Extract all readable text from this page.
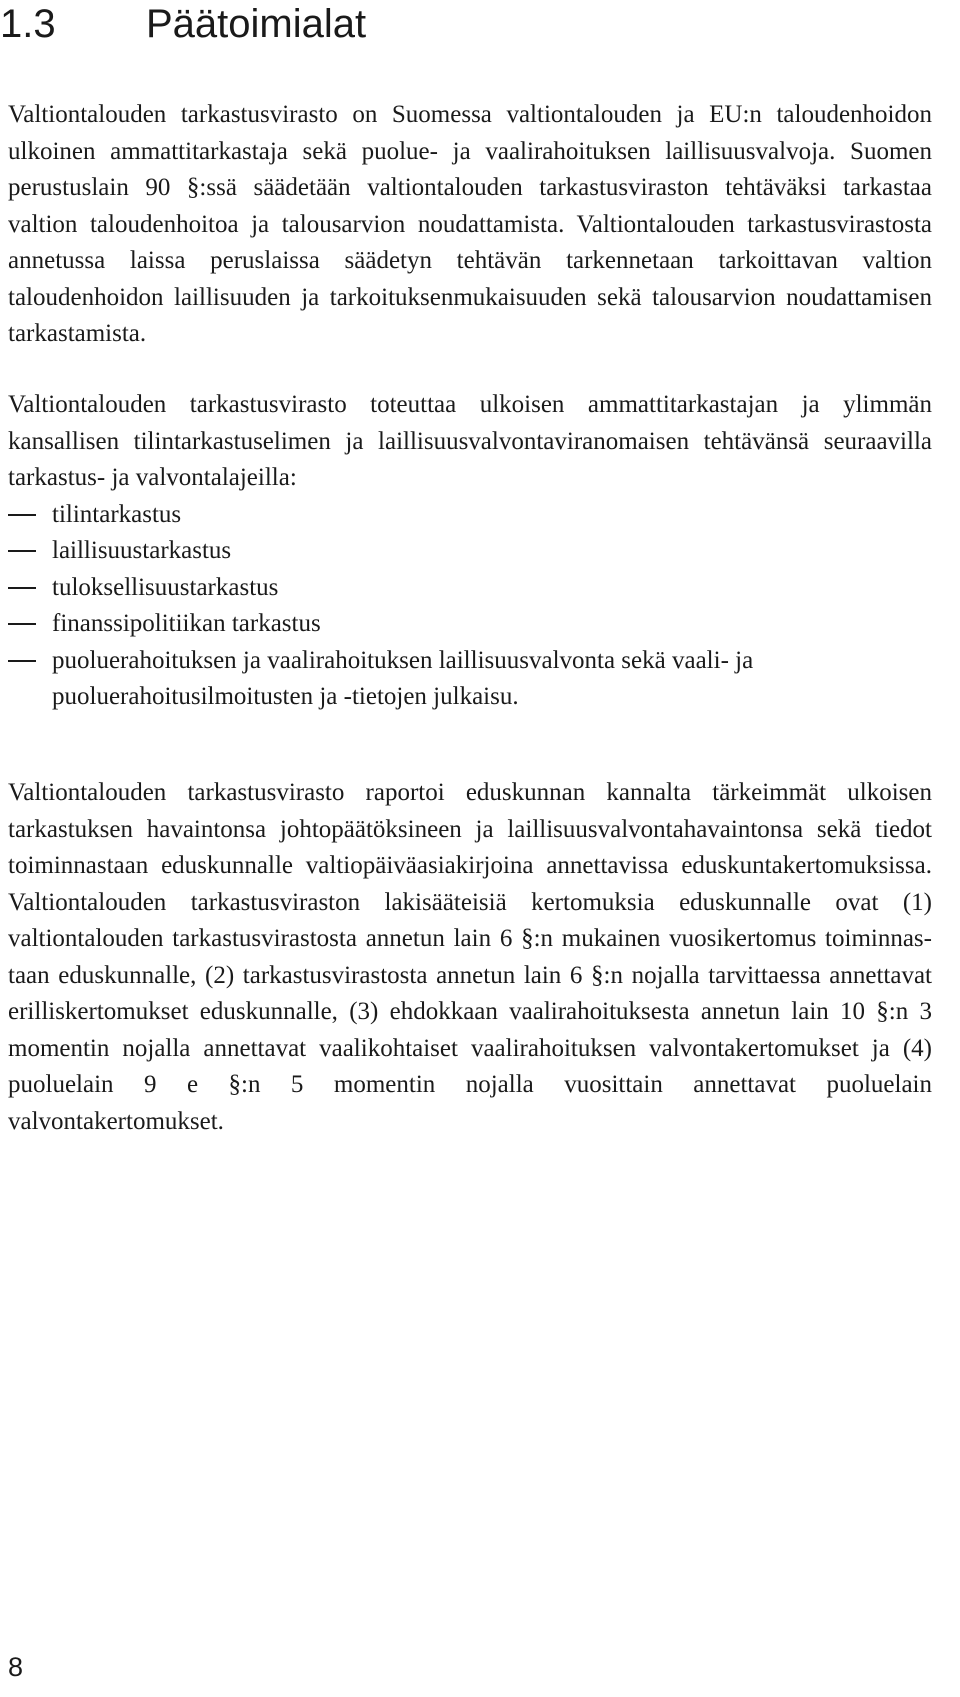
1.3 Päätoimialat
Valtiontalouden tarkastusvirasto on Suomessa valtiontalouden ja EU:n taloudenhoidon ulkoinen ammattitarkastaja sekä puolue- ja vaalirahoituksen laillisuusvalvoja. Suomen perustuslain 90 §:ssä säädetään valtiontalouden tarkastusviraston tehtäväksi tarkastaa valtion taloudenhoitoa ja talousarvion noudattamista. Valtiontalouden tarkastusvirastosta annetussa laissa peruslaissa säädetyn tehtävän tarkennetaan tarkoittavan valtion taloudenhoidon laillisuuden ja tarkoituksenmukaisuuden sekä talousarvion noudattamisen tarkastamista.
Valtiontalouden tarkastusvirasto toteuttaa ulkoisen ammattitarkastajan ja ylimmän kansallisen tilintarkastuselimen ja laillisuusvalvontaviranomaisen tehtävänsä seuraavilla tarkastus- ja valvontalajeilla:
tilintarkastus
laillisuustarkastus
tuloksellisuustarkastus
finanssipolitiikan tarkastus
puoluerahoituksen ja vaalirahoituksen laillisuusvalvonta sekä vaali- ja puoluerahoitusilmoitusten ja -tietojen julkaisu.
Valtiontalouden tarkastusvirasto raportoi eduskunnan kannalta tärkeimmät ulkoisen tarkastuksen havaintonsa johtopäätöksineen ja laillisuusvalvontahavaintonsa sekä tiedot toiminnastaan eduskunnalle valtiopäiväasiakirjoina annettavissa eduskuntakertomuksissa. Valtiontalouden tarkastusviraston lakisääteisiä kertomuksia eduskunnalle ovat (1) valtiontalouden tarkastusvirastosta annetun lain 6 §:n mukainen vuosikertomus toiminnastaan eduskunnalle, (2) tarkastusvirastosta annetun lain 6 §:n nojalla tarvittaessa annettavat erilliskertomukset eduskunnalle, (3) ehdokkaan vaalirahoituksesta annetun lain 10 §:n 3 momentin nojalla annettavat vaalikohtaiset vaalirahoituksen valvontakertomukset ja (4) puoluelain 9 e §:n 5 momentin nojalla vuosittain annettavat puoluelain valvontakertomukset.
8
